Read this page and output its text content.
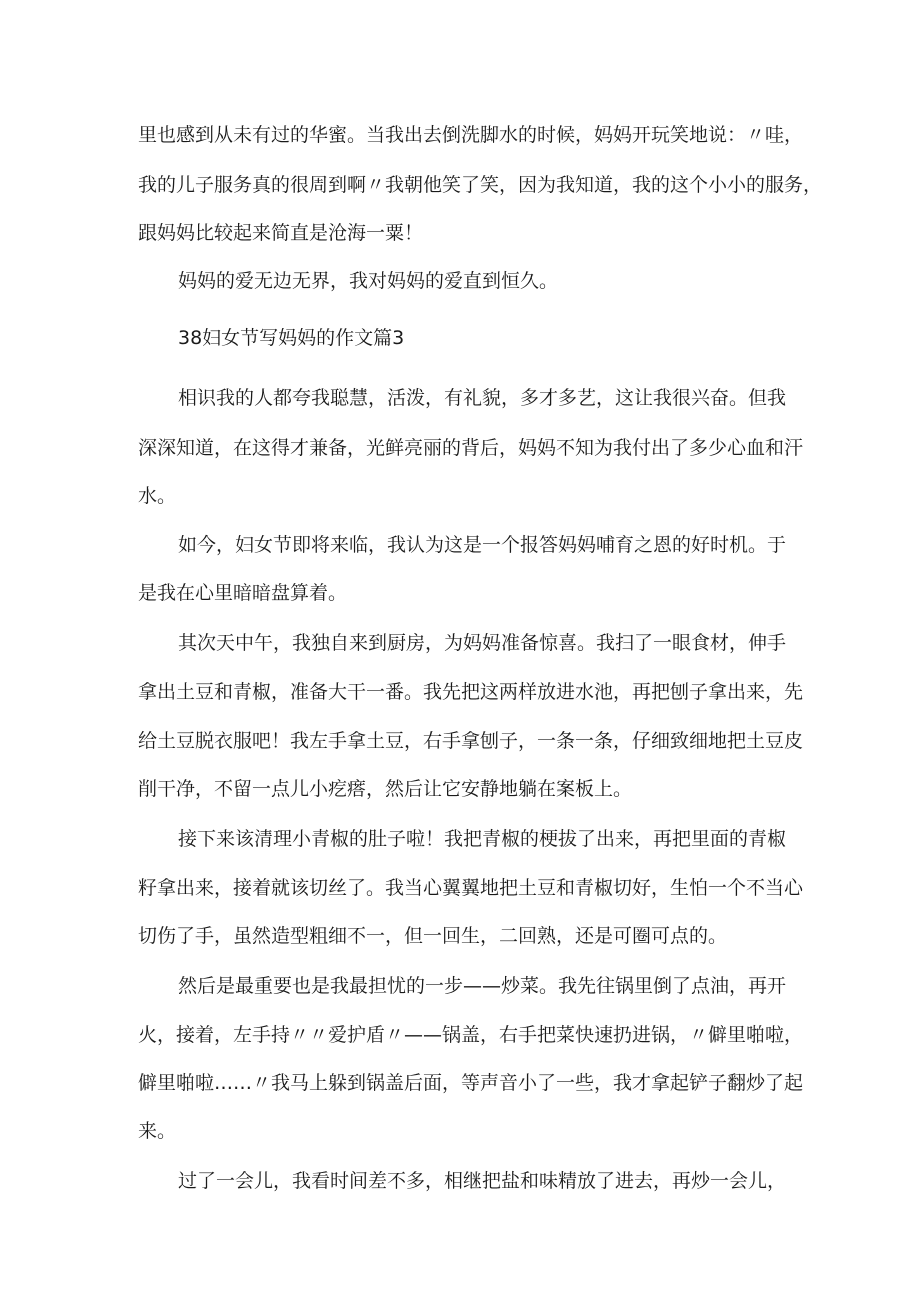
里也感到从未有过的华蜜。当我出去倒洗脚水的时候，妈妈开玩笑地说：〃哇，

我的儿子服务真的很周到啊〃我朝他笑了笑，因为我知道，我的这个小小的服务，

跟妈妈比较起来简直是沧海一粟！

妈妈的爱无边无界，我对妈妈的爱直到恒久。

38妇女节写妈妈的作文篇3

相识我的人都夸我聪慧，活泼，有礼貌，多才多艺，这让我很兴奋。但我

深深知道，在这得才兼备，光鲜亮丽的背后，妈妈不知为我付出了多少心血和汗

水。

如今，妇女节即将来临，我认为这是一个报答妈妈哺育之恩的好时机。于

是我在心里暗暗盘算着。

其次天中午，我独自来到厨房，为妈妈准备惊喜。我扫了一眼食材，伸手

拿出土豆和青椒，准备大干一番。我先把这两样放进水池，再把刨子拿出来，先

给土豆脱衣服吧！我左手拿土豆，右手拿刨子，一条一条，仔细致细地把土豆皮

削干净，不留一点儿小疙瘩，然后让它安静地躺在案板上。

接下来该清理小青椒的肚子啦！我把青椒的梗拔了出来，再把里面的青椒

籽拿出来，接着就该切丝了。我当心翼翼地把土豆和青椒切好，生怕一个不当心

切伤了手，虽然造型粗细不一，但一回生，二回熟，还是可圈可点的。

然后是最重要也是我最担忧的一步——炒菜。我先往锅里倒了点油，再开

火，接着，左手持〃〃爱护盾〃——锅盖，右手把菜快速扔进锅，〃僻里啪啦，

僻里啪啦……〃我马上躲到锅盖后面，等声音小了一些，我才拿起铲子翻炒了起

来。

过了一会儿，我看时间差不多，相继把盐和味精放了进去，再炒一会儿，
